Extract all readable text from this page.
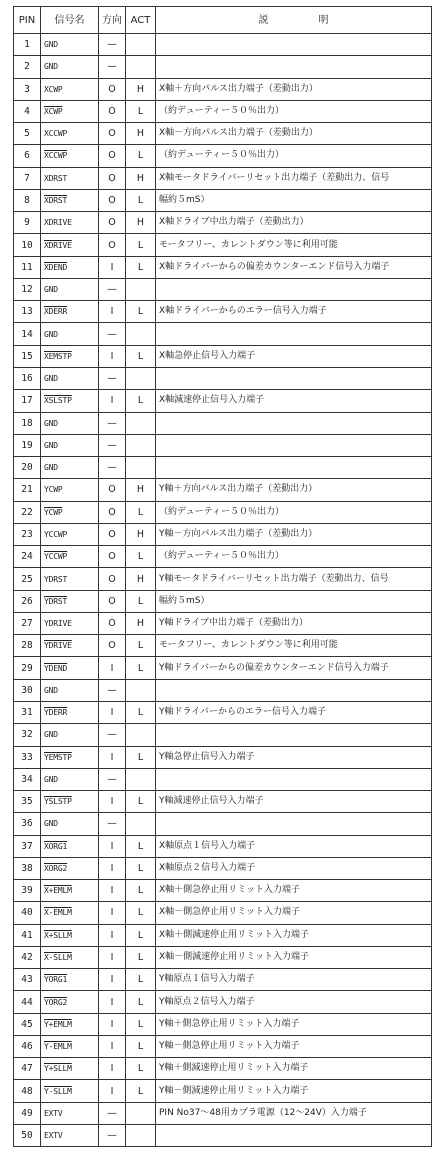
PIN	信号名	方向	ACT	説　　　　　明
1	GND	—		
2	GND	—		
3	XCWP	O	H	X軸＋方向パルス出力端子（差動出力）
4	XCWP	O	L	（約デューティー５０％出力）
5	XCCWP	O	H	X軸－方向パルス出力端子（差動出力）
6	XCCWP	O	L	（約デューティー５０％出力）
7	XDRST	O	H	X軸モータドライバーリセット出力端子（差動出力、信号
8	XDRST	O	L	幅約５mS）
9	XDRIVE	O	H	X軸ドライブ中出力端子（差動出力）
10	XDRIVE	O	L	モータフリー、カレントダウン等に利用可能
11	XDEND	I	L	X軸ドライバーからの偏差カウンターエンド信号入力端子
12	GND	—		
13	XDERR	I	L	X軸ドライバーからのエラー信号入力端子
14	GND	—		
15	XEMSTP	I	L	X軸急停止信号入力端子
16	GND	—		
17	XSLSTP	I	L	X軸減速停止信号入力端子
18	GND	—		
19	GND	—		
20	GND	—		
21	YCWP	O	H	Y軸＋方向パルス出力端子（差動出力）
22	YCWP	O	L	（約デューティー５０％出力）
23	YCCWP	O	H	Y軸－方向パルス出力端子（差動出力）
24	YCCWP	O	L	（約デューティー５０％出力）
25	YDRST	O	H	Y軸モータドライバーリセット出力端子（差動出力、信号
26	YDRST	O	L	幅約５mS）
27	YDRIVE	O	H	Y軸ドライブ中出力端子（差動出力）
28	YDRIVE	O	L	モータフリー、カレントダウン等に利用可能
29	YDEND	I	L	Y軸ドライバーからの偏差カウンターエンド信号入力端子
30	GND	—		
31	YDERR	I	L	Y軸ドライバーからのエラー信号入力端子
32	GND	—		
33	YEMSTP	I	L	Y軸急停止信号入力端子
34	GND	—		
35	YSLSTP	I	L	Y軸減速停止信号入力端子
36	GND	—		
37	XORG1	I	L	X軸原点１信号入力端子
38	XORG2	I	L	X軸原点２信号入力端子
39	X+EMLM	I	L	X軸＋側急停止用リミット入力端子
40	X-EMLM	I	L	X軸－側急停止用リミット入力端子
41	X+SLLM	I	L	X軸＋側減速停止用リミット入力端子
42	X-SLLM	I	L	X軸－側減速停止用リミット入力端子
43	YORG1	I	L	Y軸原点１信号入力端子
44	YORG2	I	L	Y軸原点２信号入力端子
45	Y+EMLM	I	L	Y軸＋側急停止用リミット入力端子
46	Y-EMLM	I	L	Y軸－側急停止用リミット入力端子
47	Y+SLLM	I	L	Y軸＋側減速停止用リミット入力端子
48	Y-SLLM	I	L	Y軸－側減速停止用リミット入力端子
49	EXTV	—		PIN No37～48用カプラ電源（12～24V）入力端子
50	EXTV	—		
